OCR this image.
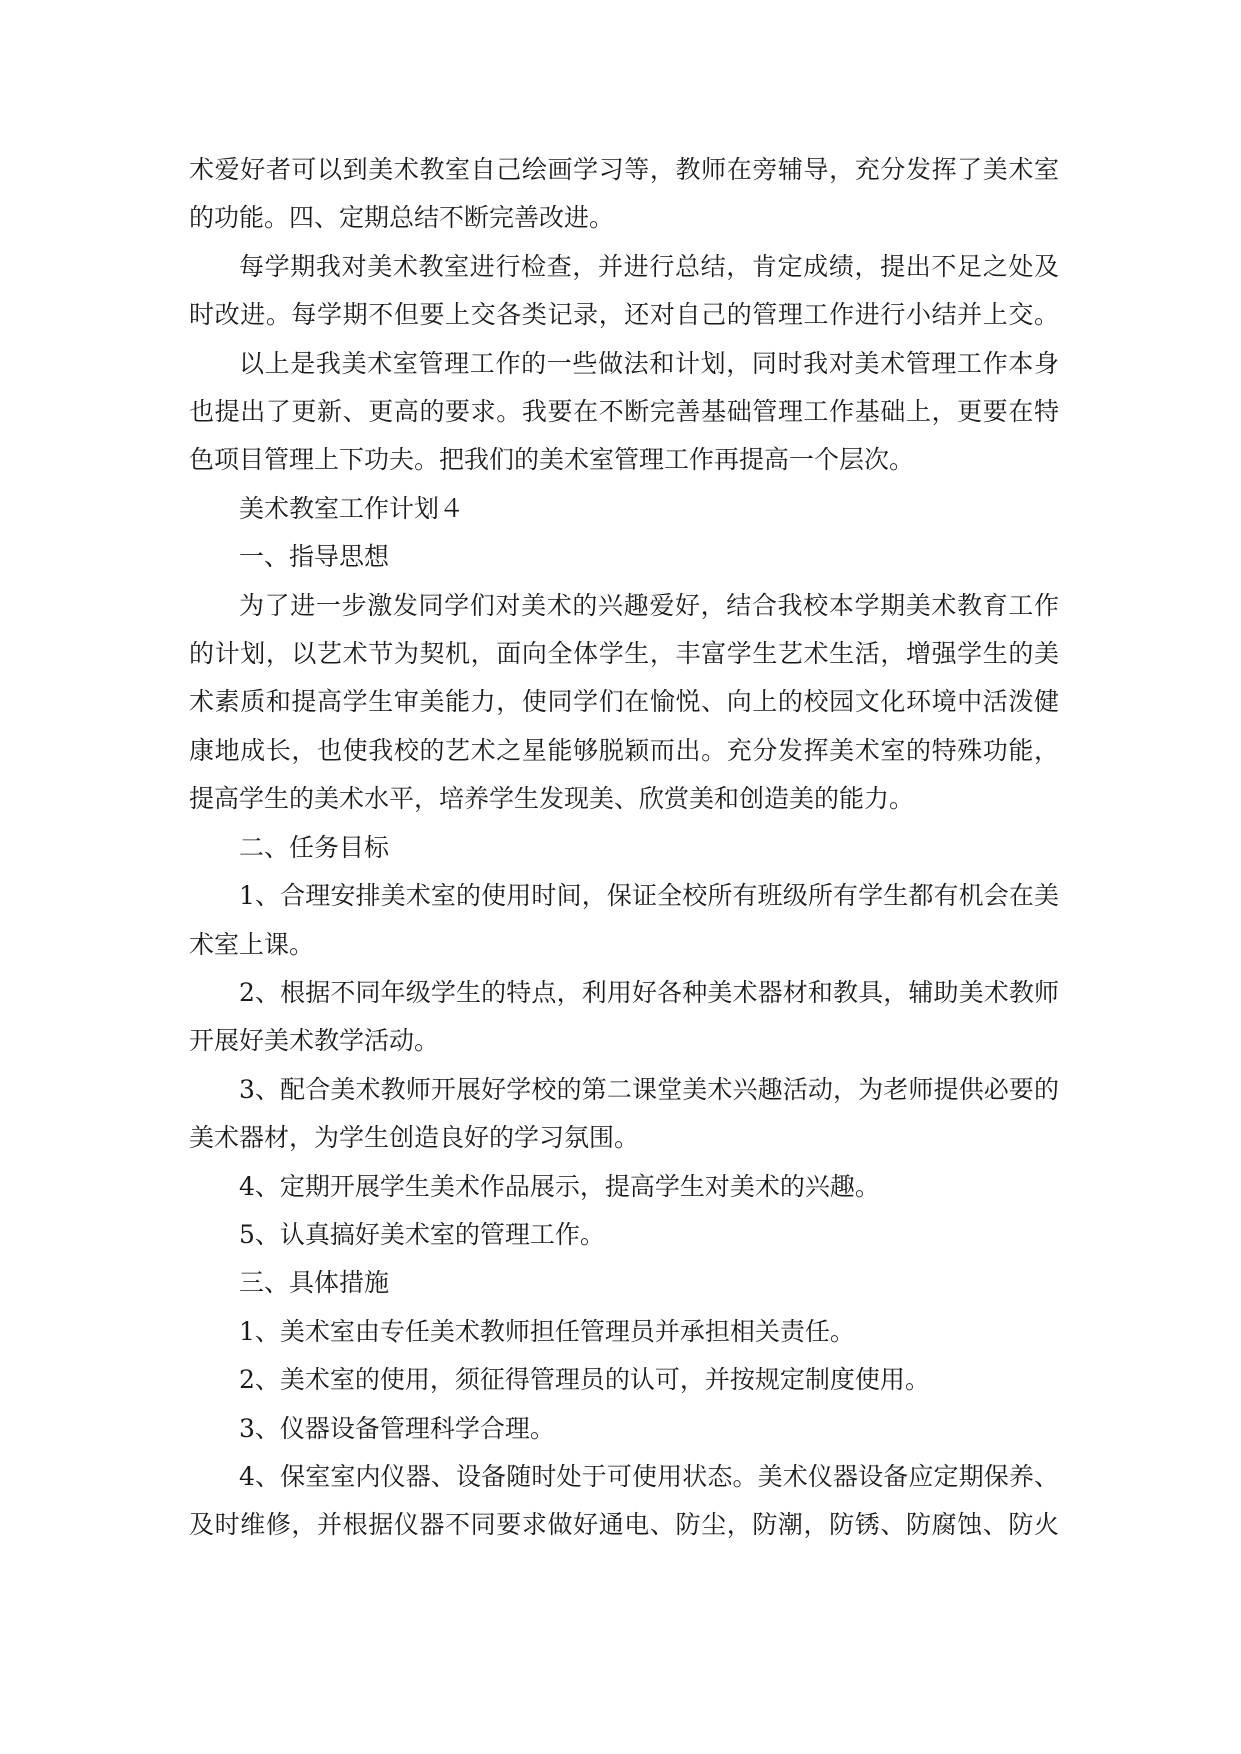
术爱好者可以到美术教室自己绘画学习等，教师在旁辅导，充分发挥了美术室
的功能。四、定期总结不断完善改进。

每学期我对美术教室进行检查，并进行总结，肯定成绩，提出不足之处及
时改进。每学期不但要上交各类记录，还对自己的管理工作进行小结并上交。

以上是我美术室管理工作的一些做法和计划，同时我对美术管理工作本身
也提出了更新、更高的要求。我要在不断完善基础管理工作基础上，更要在特
色项目管理上下功夫。把我们的美术室管理工作再提高一个层次。

美术教室工作计划４

一、指导思想

为了进一步激发同学们对美术的兴趣爱好，结合我校本学期美术教育工作
的计划，以艺术节为契机，面向全体学生，丰富学生艺术生活，增强学生的美
术素质和提高学生审美能力，使同学们在愉悦、向上的校园文化环境中活泼健
康地成长，也使我校的艺术之星能够脱颖而出。充分发挥美术室的特殊功能，
提高学生的美术水平，培养学生发现美、欣赏美和创造美的能力。

二、任务目标

1、合理安排美术室的使用时间，保证全校所有班级所有学生都有机会在美
术室上课。

2、根据不同年级学生的特点，利用好各种美术器材和教具，辅助美术教师
开展好美术教学活动。

3、配合美术教师开展好学校的第二课堂美术兴趣活动，为老师提供必要的
美术器材，为学生创造良好的学习氛围。

4、定期开展学生美术作品展示，提高学生对美术的兴趣。

5、认真搞好美术室的管理工作。

三、具体措施

1、美术室由专任美术教师担任管理员并承担相关责任。

2、美术室的使用，须征得管理员的认可，并按规定制度使用。

3、仪器设备管理科学合理。

4、保室室内仪器、设备随时处于可使用状态。美术仪器设备应定期保养、
及时维修，并根据仪器不同要求做好通电、防尘，防潮，防锈、防腐蚀、防火
